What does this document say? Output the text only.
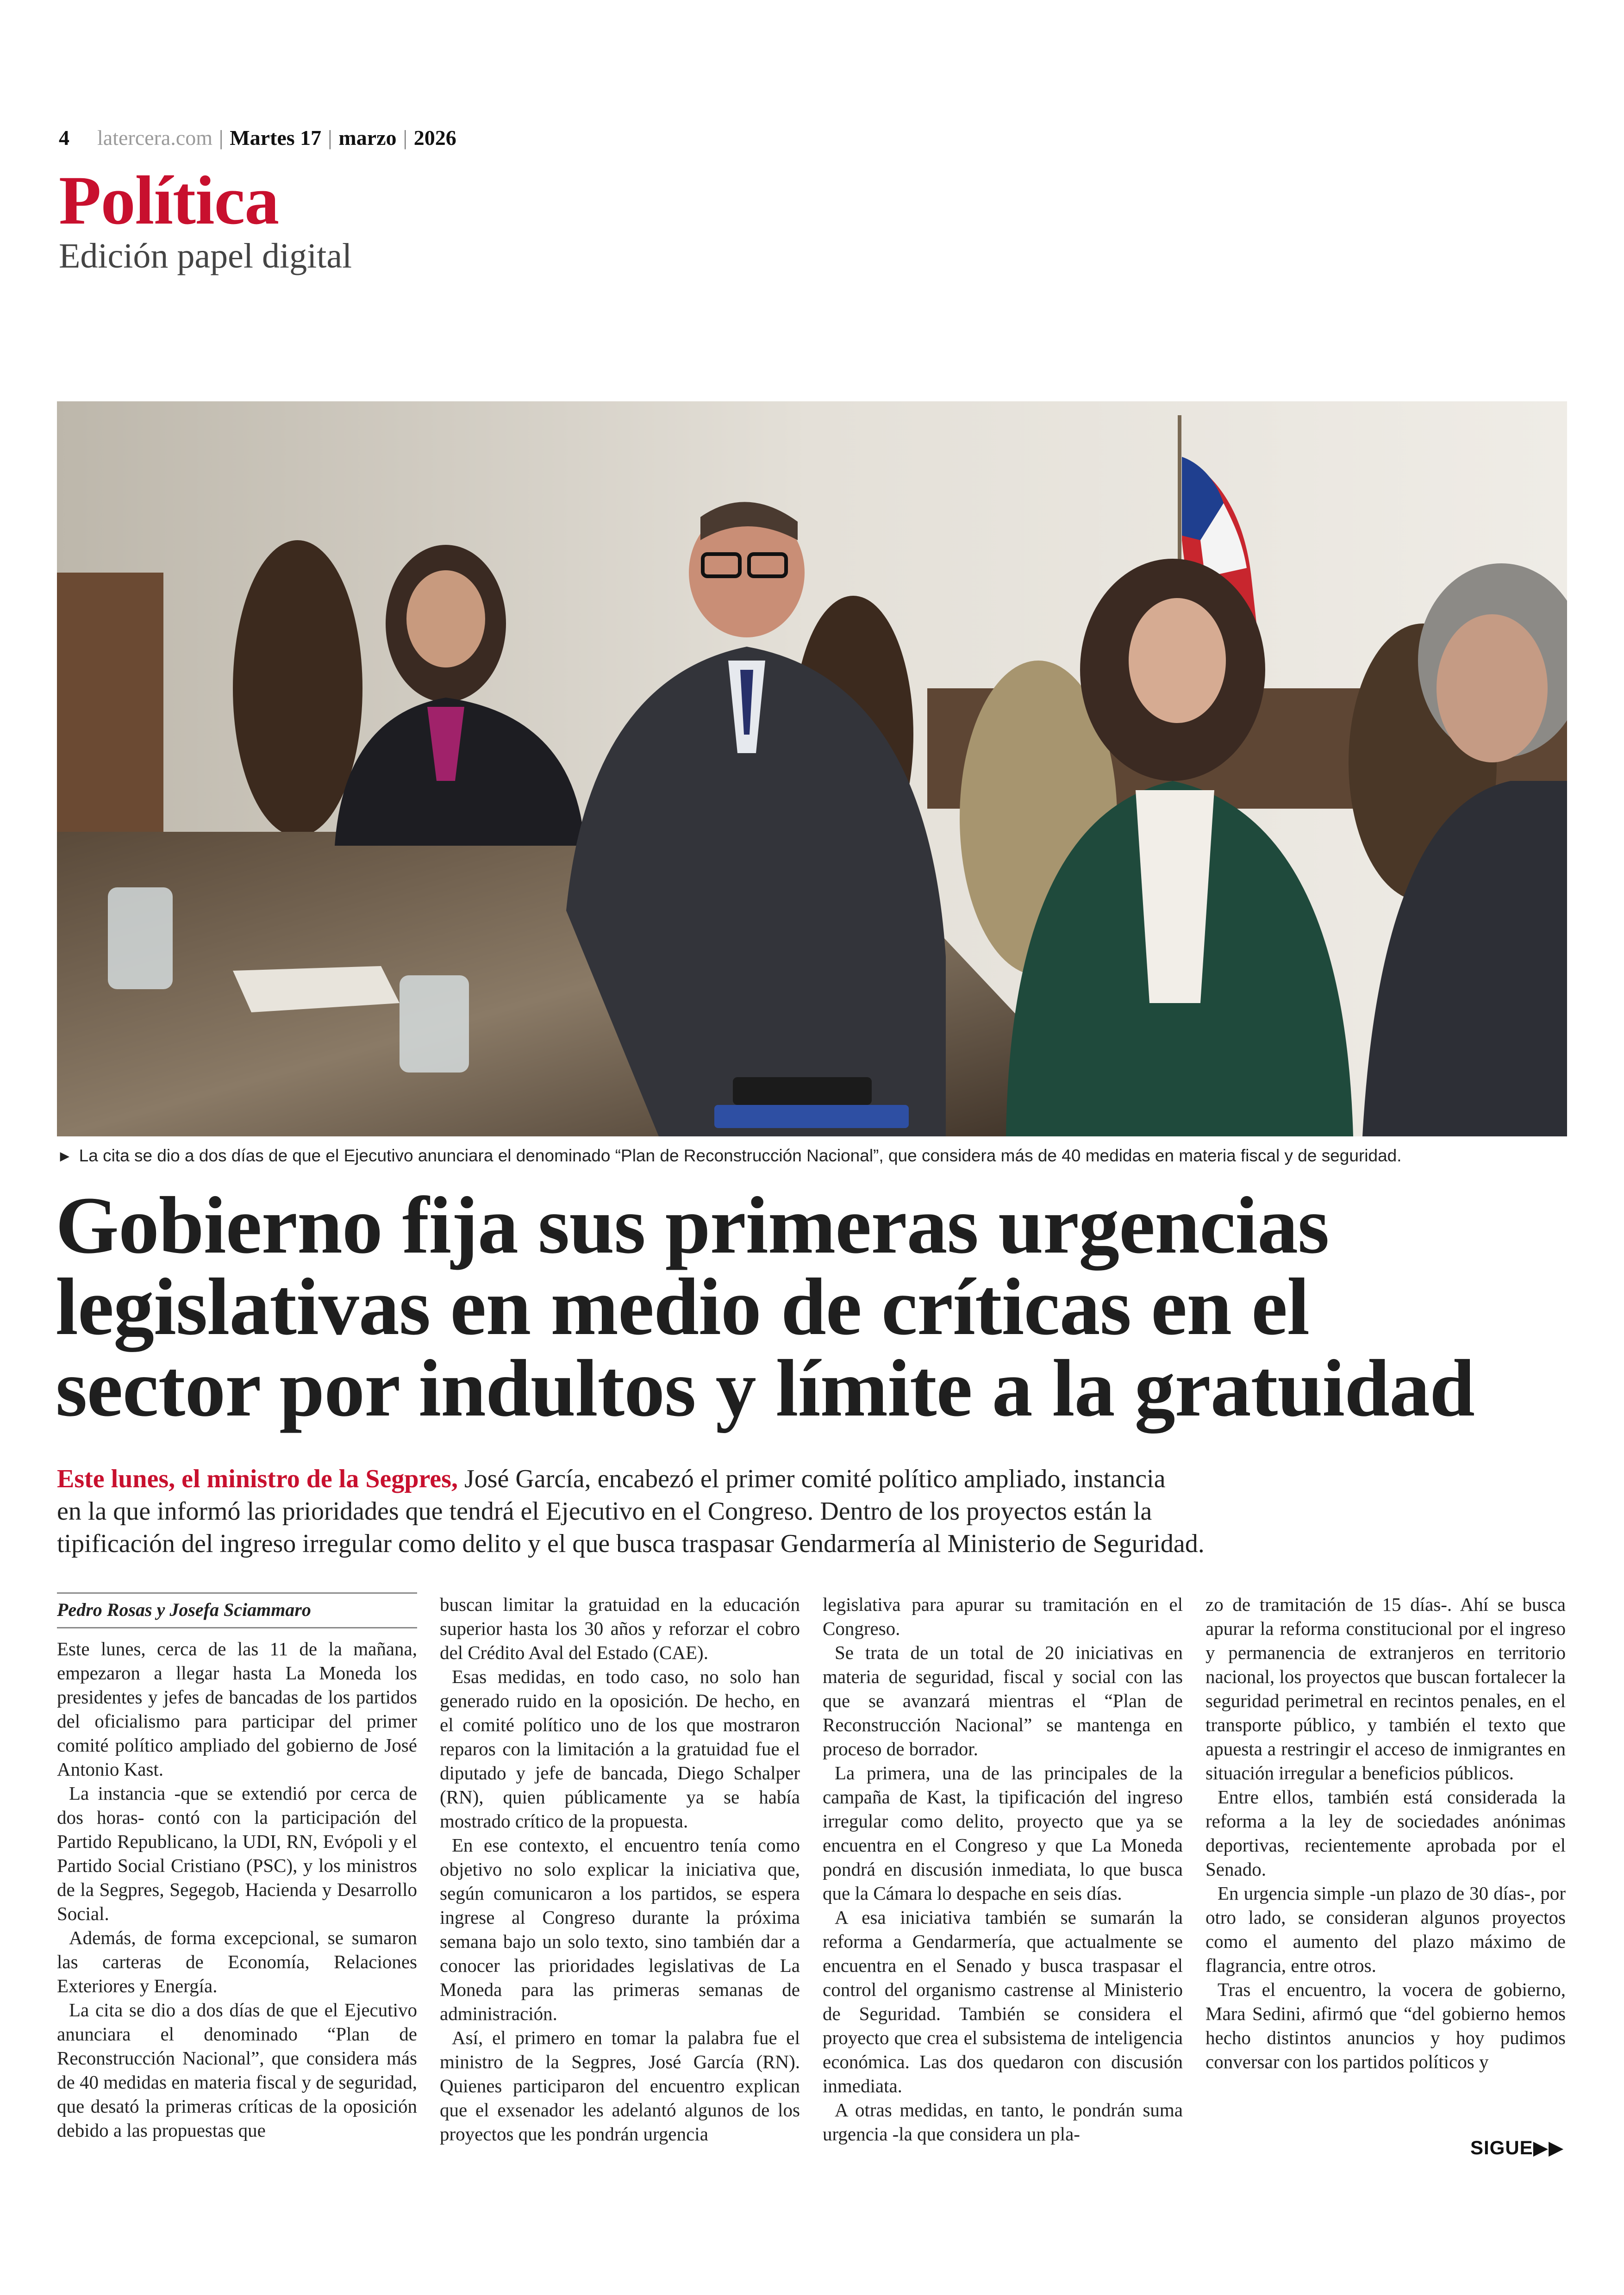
4 latercera.com | Martes 17 | marzo | 2026
Política
Edición papel digital
► La cita se dio a dos días de que el Ejecutivo anunciara el denominado “Plan de Reconstrucción Nacional”, que considera más de 40 medidas en materia fiscal y de seguridad.
Gobierno fija sus primeras urgencias
legislativas en medio de críticas en el
sector por indultos y límite a la gratuidad
Este lunes, el ministro de la Segpres, José García, encabezó el primer comité político ampliado, instancia
en la que informó las prioridades que tendrá el Ejecutivo en el Congreso. Dentro de los proyectos están la
tipificación del ingreso irregular como delito y el que busca traspasar Gendarmería al Ministerio de Seguridad.
Pedro Rosas y Josefa Sciammaro

Este lunes, cerca de las 11 de la mañana, empezaron a llegar hasta La Moneda los presidentes y jefes de bancadas de los partidos del oficialismo para participar del primer comité político ampliado del gobierno de José Antonio Kast.

La instancia -que se extendió por cerca de dos horas- contó con la participación del Partido Republicano, la UDI, RN, Evópoli y el Partido Social Cristiano (PSC), y los ministros de la Segpres, Segegob, Hacienda y Desarrollo Social.

Además, de forma excepcional, se sumaron las carteras de Economía, Relaciones Exteriores y Energía.

La cita se dio a dos días de que el Ejecutivo anunciara el denominado “Plan de Reconstrucción Nacional”, que considera más de 40 medidas en materia fiscal y de seguridad, que desató la primeras críticas de la oposición debido a las propuestas que

buscan limitar la gratuidad en la educación superior hasta los 30 años y reforzar el cobro del Crédito Aval del Estado (CAE).

Esas medidas, en todo caso, no solo han generado ruido en la oposición. De hecho, en el comité político uno de los que mostraron reparos con la limitación a la gratuidad fue el diputado y jefe de bancada, Diego Schalper (RN), quien públicamente ya se había mostrado crítico de la propuesta.

En ese contexto, el encuentro tenía como objetivo no solo explicar la iniciativa que, según comunicaron a los partidos, se espera ingrese al Congreso durante la próxima semana bajo un solo texto, sino también dar a conocer las prioridades legislativas de La Moneda para las primeras semanas de administración.

Así, el primero en tomar la palabra fue el ministro de la Segpres, José García (RN). Quienes participaron del encuentro explican que el exsenador les adelantó algunos de los proyectos que les pondrán urgencia

legislativa para apurar su tramitación en el Congreso.

Se trata de un total de 20 iniciativas en materia de seguridad, fiscal y social con las que se avanzará mientras el “Plan de Reconstrucción Nacional” se mantenga en proceso de borrador.

La primera, una de las principales de la campaña de Kast, la tipificación del ingreso irregular como delito, proyecto que ya se encuentra en el Congreso y que La Moneda pondrá en discusión inmediata, lo que busca que la Cámara lo despache en seis días.

A esa iniciativa también se sumarán la reforma a Gendarmería, que actualmente se encuentra en el Senado y busca traspasar el control del organismo castrense al Ministerio de Seguridad. También se considera el proyecto que crea el subsistema de inteligencia económica. Las dos quedaron con discusión inmediata.

A otras medidas, en tanto, le pondrán suma urgencia -la que considera un pla-

zo de tramitación de 15 días-. Ahí se busca apurar la reforma constitucional por el ingreso y permanencia de extranjeros en territorio nacional, los proyectos que buscan fortalecer la seguridad perimetral en recintos penales, en el transporte público, y también el texto que apuesta a restringir el acceso de inmigrantes en situación irregular a beneficios públicos.

Entre ellos, también está considerada la reforma a la ley de sociedades anónimas deportivas, recientemente aprobada por el Senado.

En urgencia simple -un plazo de 30 días-, por otro lado, se consideran algunos proyectos como el aumento del plazo máximo de flagrancia, entre otros.

Tras el encuentro, la vocera de gobierno, Mara Sedini, afirmó que “del gobierno hemos hecho distintos anuncios y hoy pudimos conversar con los partidos políticos y

SIGUE▶▶
